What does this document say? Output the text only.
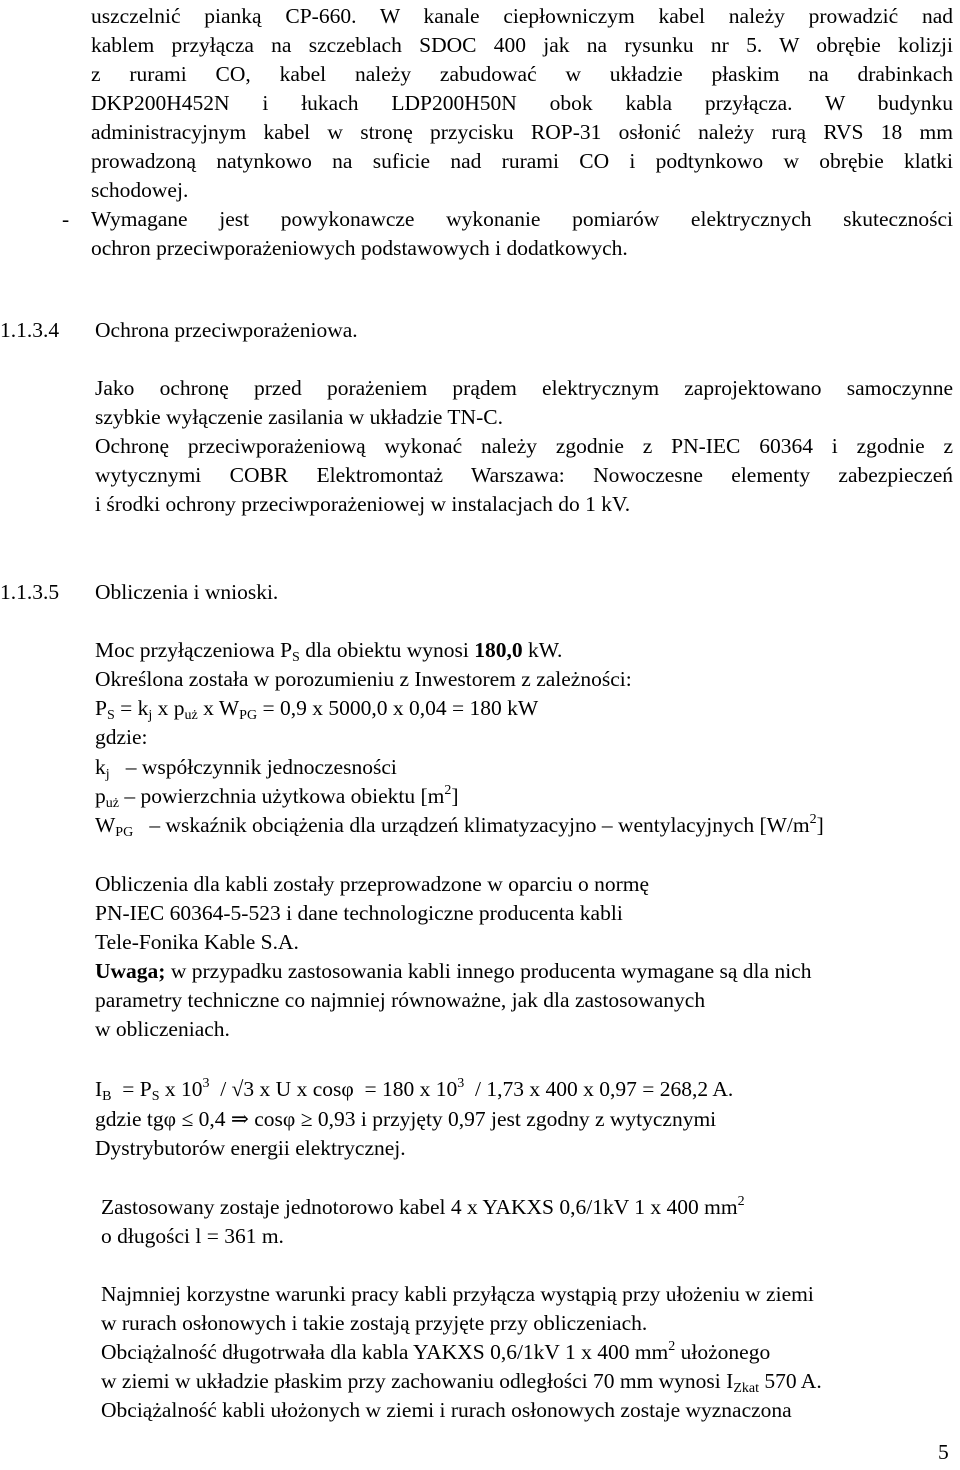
uszczelnić pianką CP-660. W kanale ciepłowniczym kabel należy prowadzić nad
kablem przyłącza na szczeblach SDOC 400 jak na rysunku nr 5. W obrębie kolizji
z rurami CO, kabel należy zabudować w układzie płaskim na drabinkach
DKP200H452N i łukach LDP200H50N obok kabla przyłącza. W budynku
administracyjnym kabel w stronę przycisku ROP-31 osłonić należy rurą RVS 18 mm
prowadzoną natynkowo na suficie nad rurami CO i podtynkowo w obrębie klatki
schodowej.
- Wymagane jest powykonawcze wykonanie pomiarów elektrycznych skuteczności
ochron przeciwporażeniowych podstawowych i dodatkowych.
1.1.3.4 Ochrona przeciwporażeniowa.
Jako ochronę przed porażeniem prądem elektrycznym zaprojektowano samoczynne
szybkie wyłączenie zasilania w układzie TN-C.
Ochronę przeciwporażeniową wykonać należy zgodnie z PN-IEC 60364 i zgodnie z
wytycznymi COBR Elektromontaż Warszawa: Nowoczesne elementy zabezpieczeń
i środki ochrony przeciwporażeniowej w instalacjach do 1 kV.
1.1.3.5 Obliczenia i wnioski.
Moc przyłączeniowa $P_S$ dla obiektu wynosi 180,0 kW.
Określona została w porozumieniu z Inwestorem z zależności:
$P_S = k_j$ x $p_{uż}$ x $W_{PG} = 0,9$ x 5000,0 x 0,04 = 180 kW
gdzie:
$k_j$ – współczynnik jednoczesności
$p_{uż}$ – powierzchnia użytkowa obiektu $[m^2]$
$W_{PG}$ – wskaźnik obciążenia dla urządzeń klimatyzacyjno – wentylacyjnych $[W/m^2]$
Obliczenia dla kabli zostały przeprowadzone w oparciu o normę
PN-IEC 60364-5-523 i dane technologiczne producenta kabli
Tele-Fonika Kable S.A.
Uwaga; w przypadku zastosowania kabli innego producenta wymagane są dla nich
parametry techniczne co najmniej równoważne, jak dla zastosowanych
w obliczeniach.
$I_B = P_S$ x $10^3 / √3$ x U x cosφ  = 180 x $10^3 / 1,73$ x 400 x 0,97 = 268,2 A.
gdzie tgφ ≤ 0,4 ⇒ cosφ ≥ 0,93 i przyjęty 0,97 jest zgodny z wytycznymi
Dystrybutorów energii elektrycznej.
Zastosowany zostaje jednotorowo kabel 4 x YAKXS 0,6/1kV 1 x 400 $mm^2$
o długości l = 361 m.
Najmniej korzystne warunki pracy kabli przyłącza wystąpią przy ułożeniu w ziemi
w rurach osłonowych i takie zostają przyjęte przy obliczeniach.
Obciążalność długotrwała dla kabla YAKXS 0,6/1kV 1 x 400 $mm^2$ ułożonego
w ziemi w układzie płaskim przy zachowaniu odległości 70 mm wynosi $I_{Zkat}$ 570 A.
Obciążalność kabli ułożonych w ziemi i rurach osłonowych zostaje wyznaczona
5
